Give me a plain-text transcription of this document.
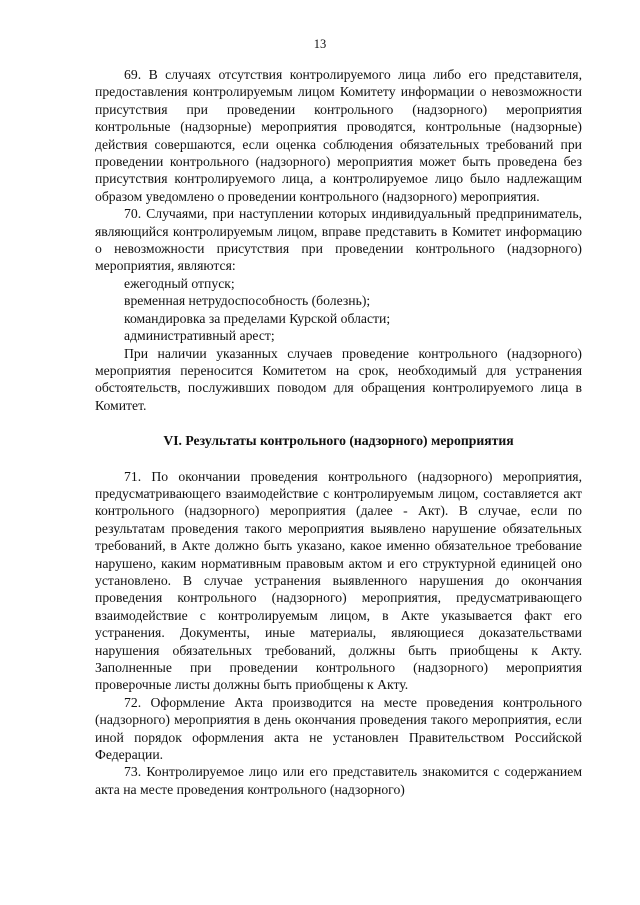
13

69. В случаях отсутствия контролируемого лица либо его представителя, предоставления контролируемым лицом Комитету информации о невозможности присутствия при проведении контрольного (надзорного) мероприятия контрольные (надзорные) мероприятия проводятся, контрольные (надзорные) действия совершаются, если оценка соблюдения обязательных требований при проведении контрольного (надзорного) мероприятия может быть проведена без присутствия контролируемого лица, а контролируемое лицо было надлежащим образом уведомлено о проведении контрольного (надзорного) мероприятия.

70. Случаями, при наступлении которых индивидуальный предприниматель, являющийся контролируемым лицом, вправе представить в Комитет информацию о невозможности присутствия при проведении контрольного (надзорного) мероприятия, являются:

ежегодный отпуск;

временная нетрудоспособность (болезнь);

командировка за пределами Курской области;

административный арест;

При наличии указанных случаев проведение контрольного (надзорного) мероприятия переносится Комитетом на срок, необходимый для устранения обстоятельств, послуживших поводом для обращения контролируемого лица в Комитет.

VI. Результаты контрольного (надзорного) мероприятия

71. По окончании проведения контрольного (надзорного) мероприятия, предусматривающего взаимодействие с контролируемым лицом, составляется акт контрольного (надзорного) мероприятия (далее - Акт). В случае, если по результатам проведения такого мероприятия выявлено нарушение обязательных требований, в Акте должно быть указано, какое именно обязательное требование нарушено, каким нормативным правовым актом и его структурной единицей оно установлено. В случае устранения выявленного нарушения до окончания проведения контрольного (надзорного) мероприятия, предусматривающего взаимодействие с контролируемым лицом, в Акте указывается факт его устранения. Документы, иные материалы, являющиеся доказательствами нарушения обязательных требований, должны быть приобщены к Акту. Заполненные при проведении контрольного (надзорного) мероприятия проверочные листы должны быть приобщены к Акту.

72. Оформление Акта производится на месте проведения контрольного (надзорного) мероприятия в день окончания проведения такого мероприятия, если иной порядок оформления акта не установлен Правительством Российской Федерации.

73. Контролируемое лицо или его представитель знакомится с содержанием акта на месте проведения контрольного (надзорного)
